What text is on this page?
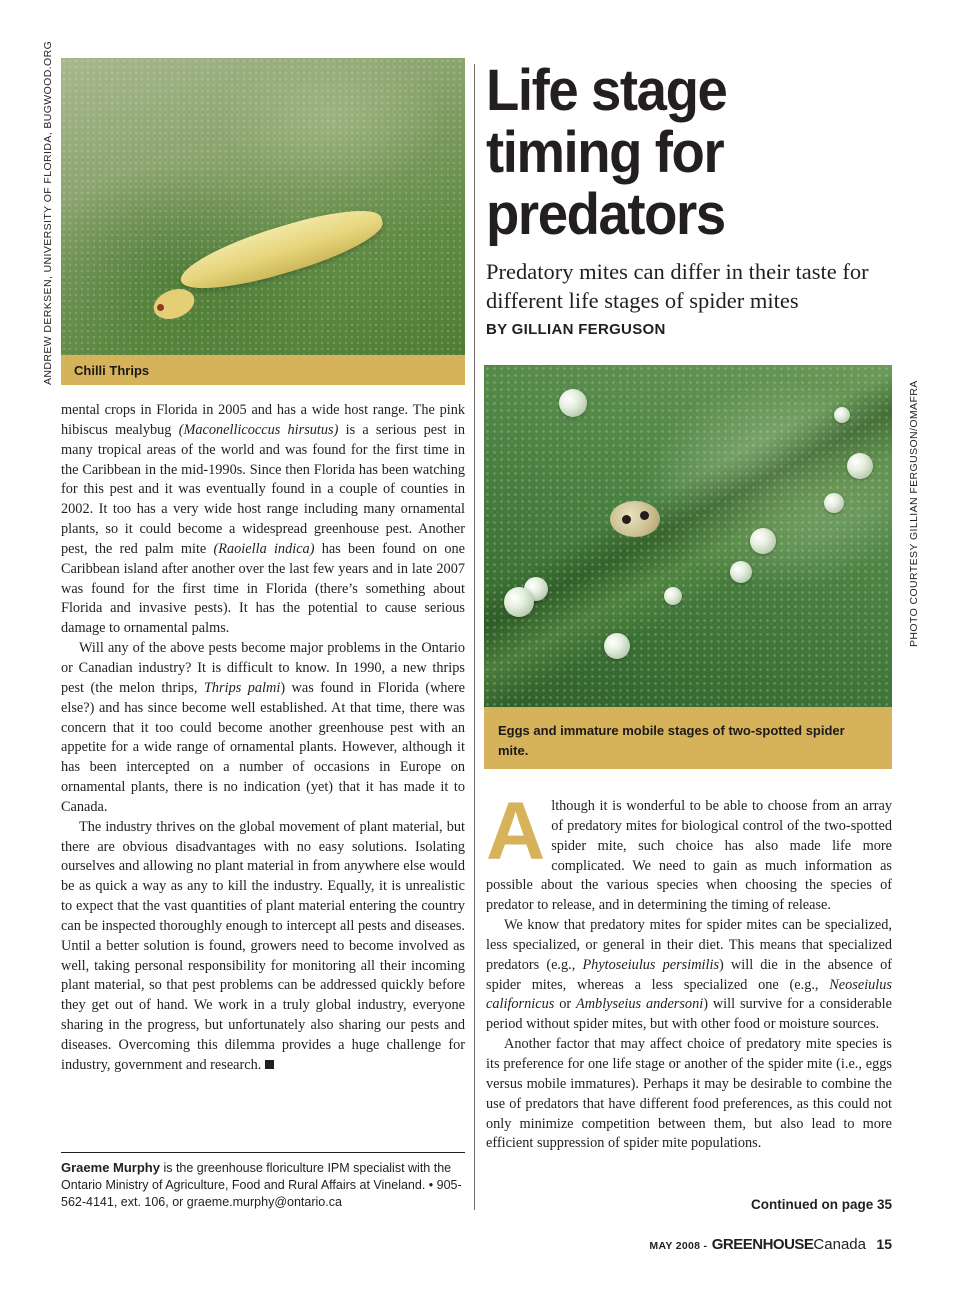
ANDREW DERKSEN, UNIVERSITY OF FLORIDA, BUGWOOD.ORG
PHOTO COURTESY GILLIAN FERGUSON/OMAFRA
Chilli Thrips
Life stage
timing for
predators
Predatory mites can differ in their taste for different life stages of spider mites
BY GILLIAN FERGUSON
Eggs and immature mobile stages of two-spotted spider mite.

mental crops in Florida in 2005 and has a wide host range. The pink hibiscus mealybug (Maconellicoccus hirsutus) is a serious pest in many tropical areas of the world and was found for the first time in the Caribbean in the mid-1990s. Since then Florida has been watching for this pest and it was eventually found in a couple of counties in 2002. It too has a very wide host range including many ornamental plants, so it could become a widespread greenhouse pest. Another pest, the red palm mite (Raoiella indica) has been found on one Caribbean island after another over the last few years and in late 2007 was found for the first time in Florida (there’s something about Florida and invasive pests). It has the potential to cause serious damage to ornamental palms.

Will any of the above pests become major problems in the Ontario or Canadian industry? It is difficult to know. In 1990, a new thrips pest (the melon thrips, Thrips palmi) was found in Florida (where else?) and has since become well established. At that time, there was concern that it too could become another greenhouse pest with an appetite for a wide range of ornamental plants. However, although it has been intercepted on a number of occasions in Europe on ornamental plants, there is no indication (yet) that it has made it to Canada.

The industry thrives on the global movement of plant material, but there are obvious disadvantages with no easy solutions. Isolating ourselves and allowing no plant material in from anywhere else would be as quick a way as any to kill the industry. Equally, it is unrealistic to expect that the vast quantities of plant material entering the country can be inspected thoroughly enough to intercept all pests and diseases. Until a better solution is found, growers need to become involved as well, taking personal responsibility for monitoring all their incoming plant material, so that pest problems can be addressed quickly before they get out of hand. We work in a truly global industry, everyone sharing in the progress, but unfortunately also sharing our pests and diseases. Overcoming this dilemma provides a huge challenge for industry, government and research.

Graeme Murphy is the greenhouse floriculture IPM specialist with the Ontario Ministry of Agriculture, Food and Rural Affairs at Vineland. • 905-562-4141, ext. 106, or graeme.murphy@ontario.ca

Although it is wonderful to be able to choose from an array of predatory mites for biological control of the two-spotted spider mite, such choice has also made life more complicated. We need to gain as much information as possible about the various species when choosing the species of predator to release, and in determining the timing of release.

We know that predatory mites for spider mites can be specialized, less specialized, or general in their diet. This means that specialized predators (e.g., Phytoseiulus persimilis) will die in the absence of spider mites, whereas a less specialized one (e.g., Neoseiulus californicus or Amblyseius andersoni) will survive for a considerable period without spider mites, but with other food or moisture sources.

Another factor that may affect choice of predatory mite species is its preference for one life stage or another of the spider mite (i.e., eggs versus mobile immatures). Perhaps it may be desirable to combine the use of predators that have different food preferences, as this could not only minimize competition between them, but also lead to more efficient suppression of spider mite populations.

Continued on page 35
MAY 2008 - GREENHOUSECanada 15
